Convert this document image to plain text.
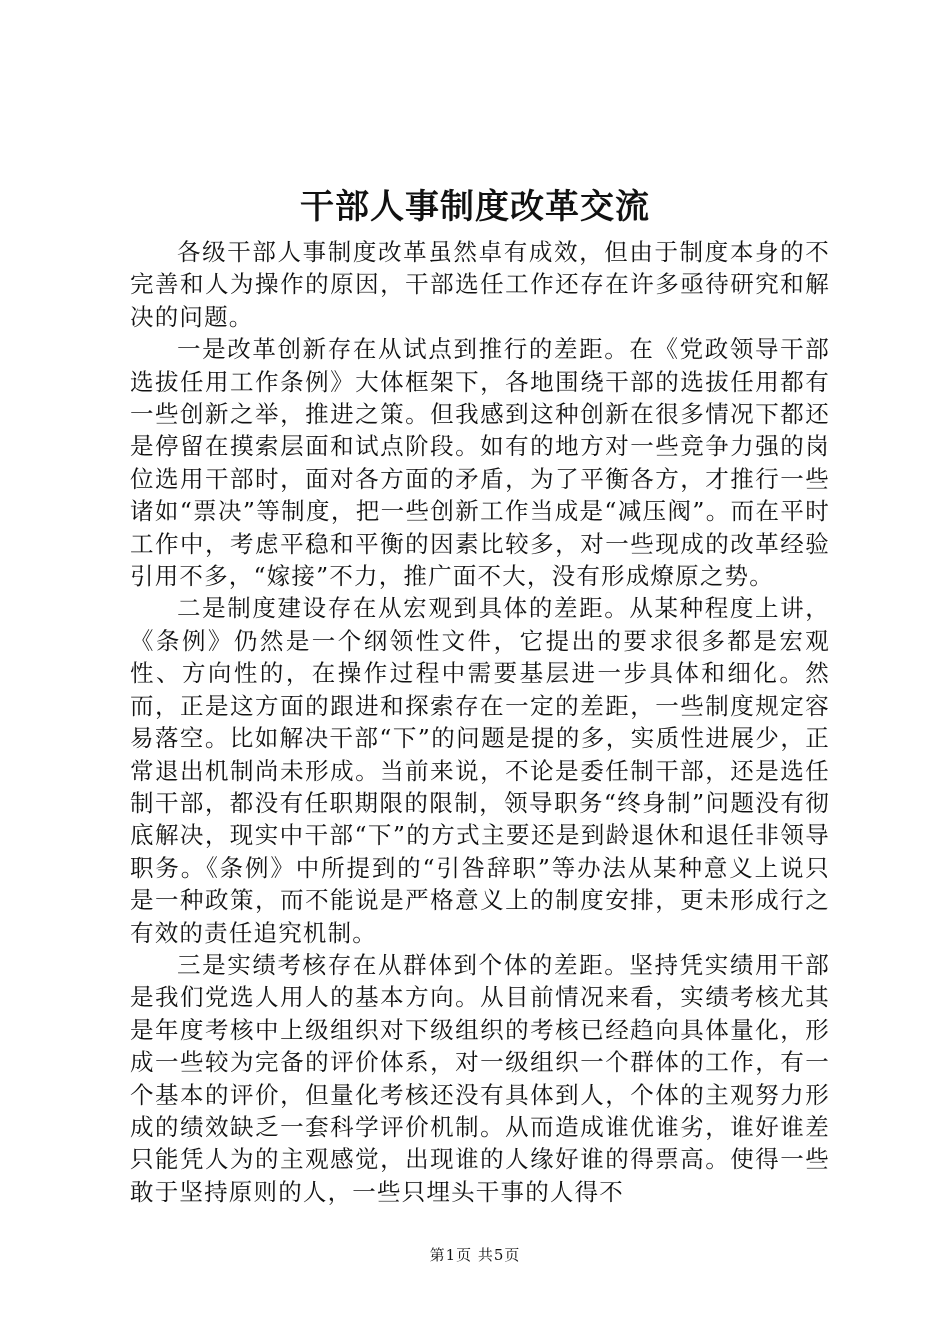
干部人事制度改革交流

各级干部人事制度改革虽然卓有成效，但由于制度本身的不完善和人为操作的原因，干部选任工作还存在许多亟待研究和解决的问题。

一是改革创新存在从试点到推行的差距。在《党政领导干部选拔任用工作条例》大体框架下，各地围绕干部的选拔任用都有一些创新之举，推进之策。但我感到这种创新在很多情况下都还是停留在摸索层面和试点阶段。如有的地方对一些竞争力强的岗位选用干部时，面对各方面的矛盾，为了平衡各方，才推行一些诸如“票决”等制度，把一些创新工作当成是“减压阀”。而在平时工作中，考虑平稳和平衡的因素比较多，对一些现成的改革经验引用不多，“嫁接”不力，推广面不大，没有形成燎原之势。

二是制度建设存在从宏观到具体的差距。从某种程度上讲，《条例》仍然是一个纲领性文件，它提出的要求很多都是宏观性、方向性的，在操作过程中需要基层进一步具体和细化。然而，正是这方面的跟进和探索存在一定的差距，一些制度规定容易落空。比如解决干部“下”的问题是提的多，实质性进展少，正常退出机制尚未形成。当前来说，不论是委任制干部，还是选任制干部，都没有任职期限的限制，领导职务“终身制”问题没有彻底解决，现实中干部“下”的方式主要还是到龄退休和退任非领导职务。《条例》中所提到的“引咎辞职”等办法从某种意义上说只是一种政策，而不能说是严格意义上的制度安排，更未形成行之有效的责任追究机制。

三是实绩考核存在从群体到个体的差距。坚持凭实绩用干部是我们党选人用人的基本方向。从目前情况来看，实绩考核尤其是年度考核中上级组织对下级组织的考核已经趋向具体量化，形成一些较为完备的评价体系，对一级组织一个群体的工作，有一个基本的评价，但量化考核还没有具体到人，个体的主观努力形成的绩效缺乏一套科学评价机制。从而造成谁优谁劣，谁好谁差只能凭人为的主观感觉，出现谁的人缘好谁的得票高。使得一些敢于坚持原则的人，一些只埋头干事的人得不

第1页 共5页
